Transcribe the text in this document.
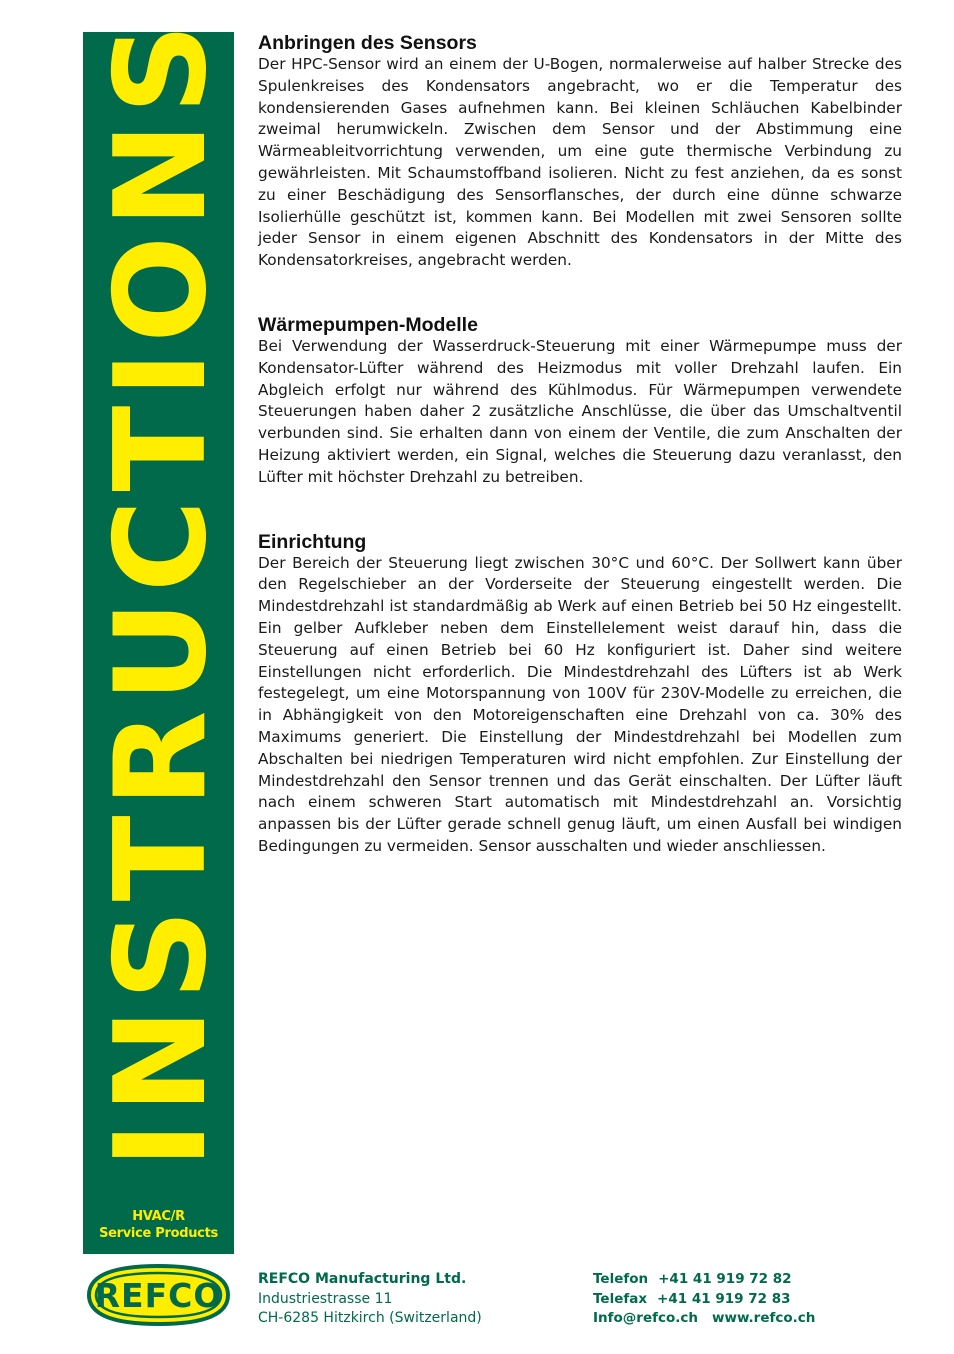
INSTRUCTIONS
HVAC/R
Service Products
REFCO
Anbringen des Sensors

Der HPC-Sensor wird an einem der U-Bogen, normalerweise auf halber Strecke des Spulenkreises des Kondensators angebracht, wo er die Temperatur des kondensierenden Gases aufnehmen kann. Bei kleinen Schläuchen Kabelbinder zweimal herumwickeln. Zwischen dem Sensor und der Abstimmung eine Wärmeableitvorrichtung verwenden, um eine gute thermische Verbindung zu gewährleisten. Mit Schaumstoffband isolieren. Nicht zu fest anziehen, da es sonst zu einer Beschädigung des Sensorflansches, der durch eine dünne schwarze Isolierhülle geschützt ist, kommen kann. Bei Modellen mit zwei Sensoren sollte jeder Sensor in einem eigenen Abschnitt des Kondensators in der Mitte des Kondensatorkreises, angebracht werden.

Wärmepumpen-Modelle

Bei Verwendung der Wasserdruck-Steuerung mit einer Wärmepumpe muss der Kondensator-Lüfter während des Heizmodus mit voller Drehzahl laufen. Ein Abgleich erfolgt nur während des Kühlmodus. Für Wärmepumpen verwendete Steuerungen haben daher 2 zusätzliche Anschlüsse, die über das Umschaltventil verbunden sind. Sie erhalten dann von einem der Ventile, die zum Anschalten der Heizung aktiviert werden, ein Signal, welches die Steuerung dazu veranlasst, den Lüfter mit höchster Drehzahl zu betreiben.

Einrichtung

Der Bereich der Steuerung liegt zwischen 30°C und 60°C. Der Sollwert kann über den Regelschieber an der Vorderseite der Steuerung eingestellt werden. Die Mindestdrehzahl ist standardmäßig ab Werk auf einen Betrieb bei 50 Hz eingestellt. Ein gelber Aufkleber neben dem Einstellelement weist darauf hin, dass die Steuerung auf einen Betrieb bei 60 Hz konfiguriert ist. Daher sind weitere Einstellungen nicht erforderlich. Die Mindestdrehzahl des Lüfters ist ab Werk festegelegt, um eine Motorspannung von 100V für 230V-Modelle zu erreichen, die in Abhängigkeit von den Motoreigenschaften eine Drehzahl von ca. 30% des Maximums generiert. Die Einstellung der Mindestdrehzahl bei Modellen zum Abschalten bei niedrigen Temperaturen wird nicht empfohlen. Zur Einstellung der Mindestdrehzahl den Sensor trennen und das Gerät einschalten. Der Lüfter läuft nach einem schweren Start automatisch mit Mindestdrehzahl an. Vorsichtig anpassen bis der Lüfter gerade schnell genug läuft, um einen Ausfall bei windigen Bedingungen zu vermeiden. Sensor ausschalten und wieder anschliessen.

REFCO Manufacturing Ltd.
Industriestrasse 11
CH-6285 Hitzkirch (Switzerland)
Telefon +41 41 919 72 82
Telefax +41 41 919 72 83
Info@refco.ch www.refco.ch
